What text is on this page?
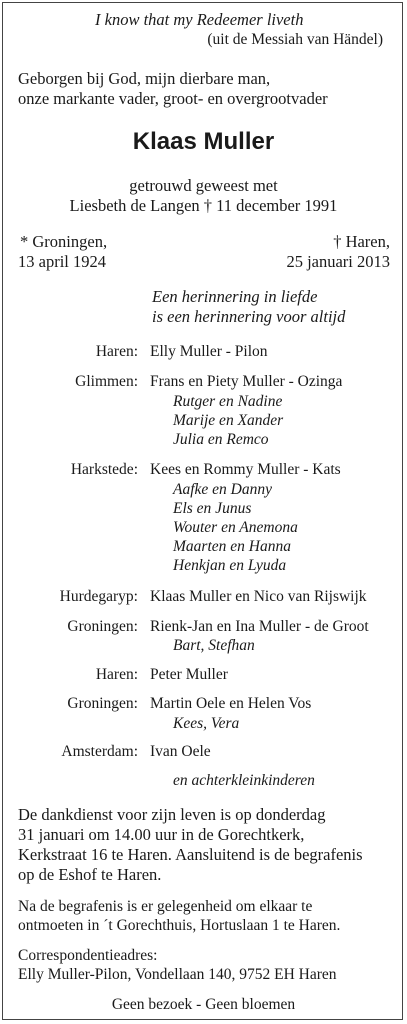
I know that my Redeemer liveth
(uit de Messiah van Händel)
Geborgen bij God, mijn dierbare man,
onze markante vader, groot- en overgrootvader
Klaas Muller
getrouwd geweest met
Liesbeth de Langen † 11 december 1991
* Groningen,
13 april 1924
† Haren,
25 januari 2013
Een herinnering in liefde
is een herinnering voor altijd
Haren: Elly Muller - Pilon
Glimmen: Frans en Piety Muller - Ozinga
Rutger en Nadine
Marije en Xander
Julia en Remco
Harkstede: Kees en Rommy Muller - Kats
Aafke en Danny
Els en Junus
Wouter en Anemona
Maarten en Hanna
Henkjan en Lyuda
Hurdegaryp: Klaas Muller en Nico van Rijswijk
Groningen: Rienk-Jan en Ina Muller - de Groot
Bart, Stefhan
Haren: Peter Muller
Groningen: Martin Oele en Helen Vos
Kees, Vera
Amsterdam: Ivan Oele
en achterkleinkinderen
De dankdienst voor zijn leven is op donderdag
31 januari om 14.00 uur in de Gorechtkerk,
Kerkstraat 16 te Haren. Aansluitend is de begrafenis
op de Eshof te Haren.
Na de begrafenis is er gelegenheid om elkaar te
ontmoeten in ´t Gorechthuis, Hortuslaan 1 te Haren.
Correspondentieadres:
Elly Muller-Pilon, Vondellaan 140, 9752 EH Haren
Geen bezoek - Geen bloemen
